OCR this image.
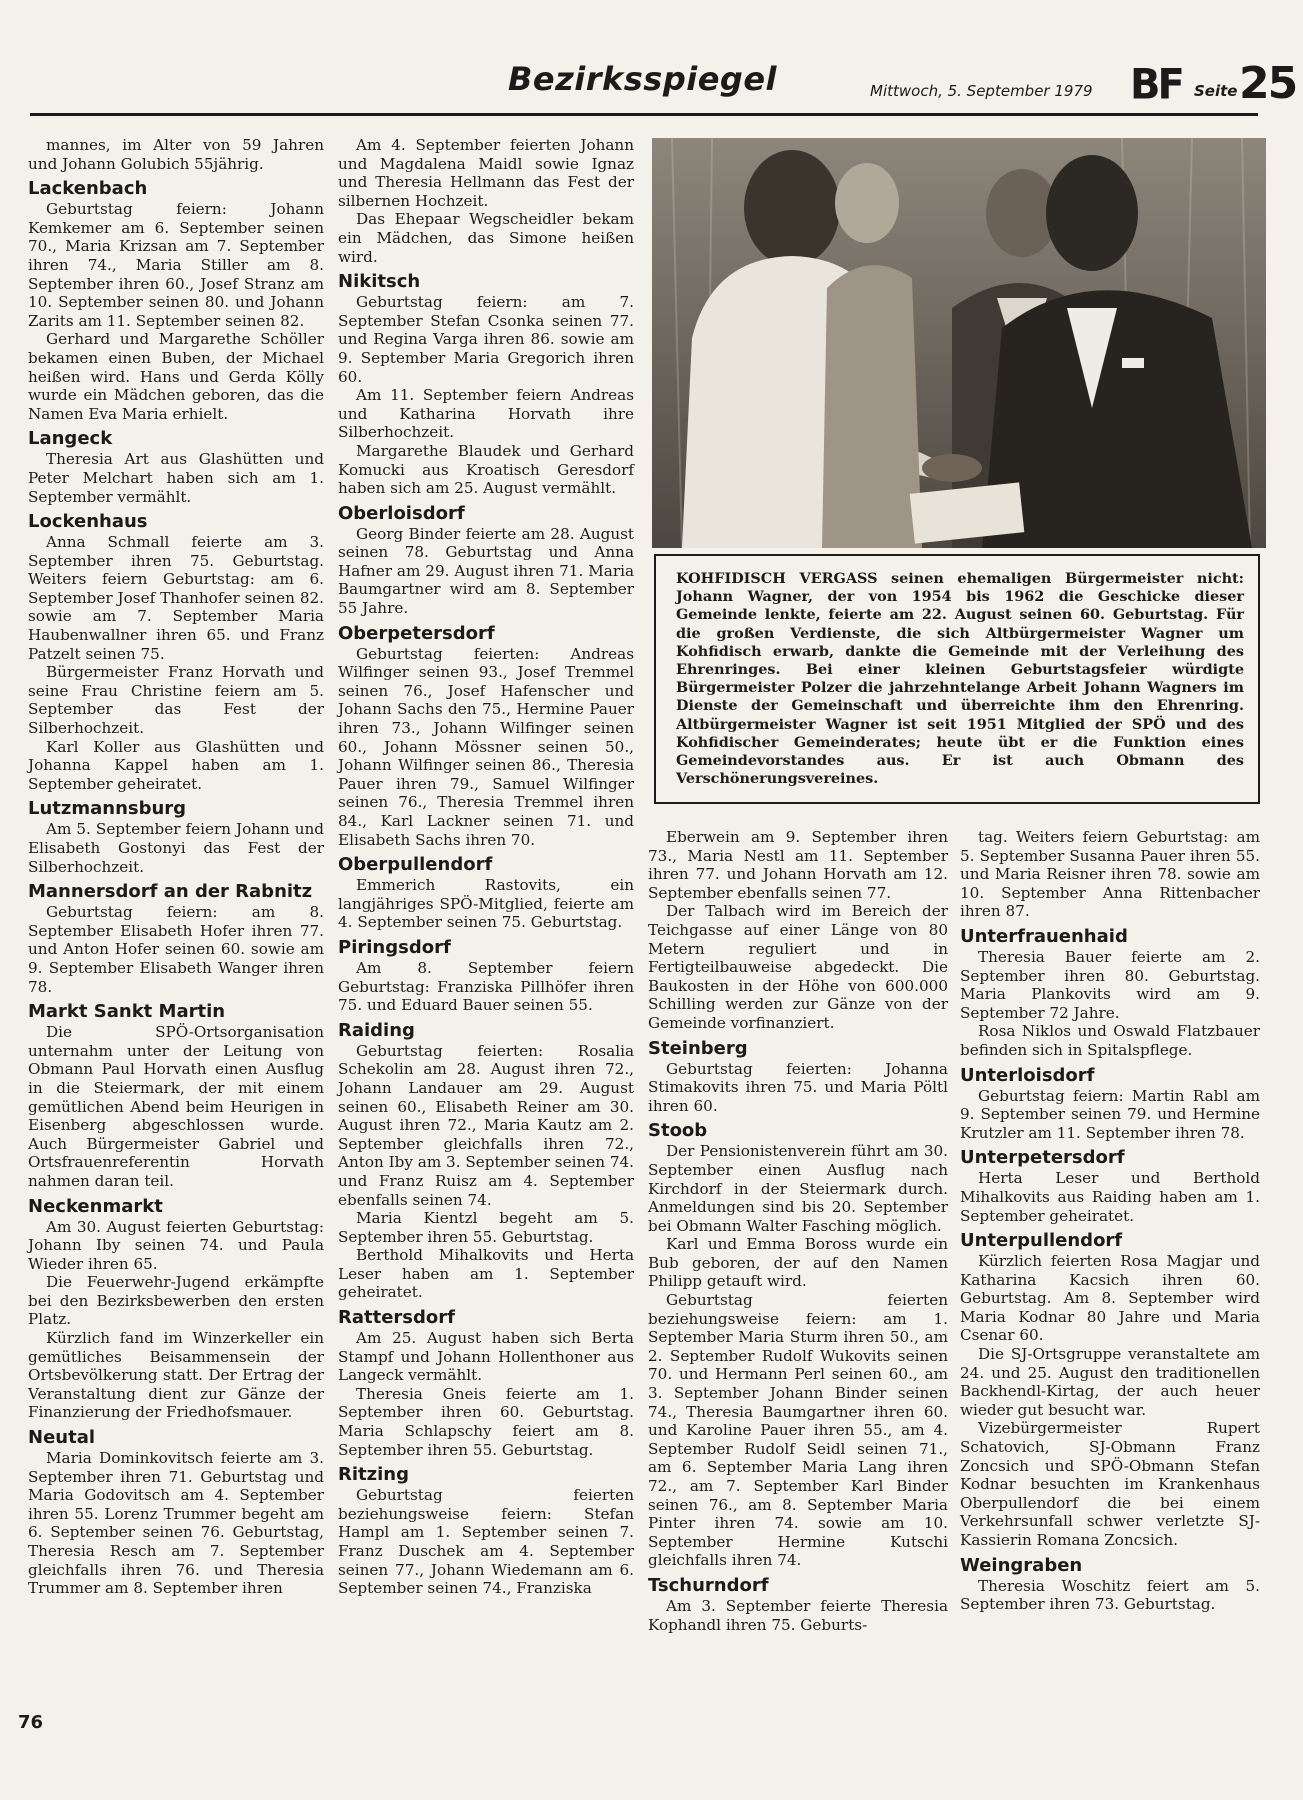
Bezirksspiegel	Mittwoch, 5. September 1979 BF Seite 25
mannes, im Alter von 59 Jahren und Johann Golubich 55jährig.
Lackenbach
Geburtstag feiern: Johann Kemkemer am 6. September seinen 70., Maria Krizsan am 7. September ihren 74., Maria Stiller am 8. September ihren 60., Josef Stranz am 10. September seinen 80. und Johann Zarits am 11. September seinen 82.
Gerhard und Margarethe Schöller bekamen einen Buben, der Michael heißen wird. Hans und Gerda Kölly wurde ein Mädchen geboren, das die Namen Eva Maria erhielt.
Langeck
Theresia Art aus Glashütten und Peter Melchart haben sich am 1. September vermählt.
Lockenhaus
Anna Schmall feierte am 3. September ihren 75. Geburtstag. Weiters feiern Geburtstag: am 6. September Josef Thanhofer seinen 82. sowie am 7. September Maria Haubenwallner ihren 65. und Franz Patzelt seinen 75.
Bürgermeister Franz Horvath und seine Frau Christine feiern am 5. September das Fest der Silberhochzeit.
Karl Koller aus Glashütten und Johanna Kappel haben am 1. September geheiratet.
Lutzmannsburg
Am 5. September feiern Johann und Elisabeth Gostonyi das Fest der Silberhochzeit.
Mannersdorf an der Rabnitz
Geburtstag feiern: am 8. September Elisabeth Hofer ihren 77. und Anton Hofer seinen 60. sowie am 9. September Elisabeth Wanger ihren 78.
Markt Sankt Martin
Die SPÖ-Ortsorganisation unternahm unter der Leitung von Obmann Paul Horvath einen Ausflug in die Steiermark, der mit einem gemütlichen Abend beim Heurigen in Eisenberg abgeschlossen wurde. Auch Bürgermeister Gabriel und Ortsfrauenreferentin Horvath nahmen daran teil.
Neckenmarkt
Am 30. August feierten Geburtstag: Johann Iby seinen 74. und Paula Wieder ihren 65.
Die Feuerwehr-Jugend erkämpfte bei den Bezirksbewerben den ersten Platz.
Kürzlich fand im Winzerkeller ein gemütliches Beisammensein der Ortsbevölkerung statt. Der Ertrag der Veranstaltung dient zur Gänze der Finanzierung der Friedhofsmauer.
Neutal
Maria Dominkovitsch feierte am 3. September ihren 71. Geburtstag und Maria Godovitsch am 4. September ihren 55. Lorenz Trummer begeht am 6. September seinen 76. Geburtstag, Theresia Resch am 7. September gleichfalls ihren 76. und Theresia Trummer am 8. September ihren
Am 4. September feierten Johann und Magdalena Maidl sowie Ignaz und Theresia Hellmann das Fest der silbernen Hochzeit.
Das Ehepaar Wegscheidler bekam ein Mädchen, das Simone heißen wird.
Nikitsch
Geburtstag feiern: am 7. September Stefan Csonka seinen 77. und Regina Varga ihren 86. sowie am 9. September Maria Gregorich ihren 60.
Am 11. September feiern Andreas und Katharina Horvath ihre Silberhochzeit.
Margarethe Blaudek und Gerhard Komucki aus Kroatisch Geresdorf haben sich am 25. August vermählt.
Oberloisdorf
Georg Binder feierte am 28. August seinen 78. Geburtstag und Anna Hafner am 29. August ihren 71. Maria Baumgartner wird am 8. September 55 Jahre.
Oberpetersdorf
Geburtstag feierten: Andreas Wilfinger seinen 93., Josef Tremmel seinen 76., Josef Hafenscher und Johann Sachs den 75., Hermine Pauer ihren 73., Johann Wilfinger seinen 60., Johann Mössner seinen 50., Johann Wilfinger seinen 86., Theresia Pauer ihren 79., Samuel Wilfinger seinen 76., Theresia Tremmel ihren 84., Karl Lackner seinen 71. und Elisabeth Sachs ihren 70.
Oberpullendorf
Emmerich Rastovits, ein langjähriges SPÖ-Mitglied, feierte am 4. September seinen 75. Geburtstag.
Piringsdorf
Am 8. September feiern Geburtstag: Franziska Pillhöfer ihren 75. und Eduard Bauer seinen 55.
Raiding
Geburtstag feierten: Rosalia Schekolin am 28. August ihren 72., Johann Landauer am 29. August seinen 60., Elisabeth Reiner am 30. August ihren 72., Maria Kautz am 2. September gleichfalls ihren 72., Anton Iby am 3. September seinen 74. und Franz Ruisz am 4. September ebenfalls seinen 74.
Maria Kientzl begeht am 5. September ihren 55. Geburtstag.
Berthold Mihalkovits und Herta Leser haben am 1. September geheiratet.
Rattersdorf
Am 25. August haben sich Berta Stampf und Johann Hollenthoner aus Langeck vermählt.
Theresia Gneis feierte am 1. September ihren 60. Geburtstag. Maria Schlapschy feiert am 8. September ihren 55. Geburtstag.
Ritzing
Geburtstag feierten beziehungsweise feiern: Stefan Hampl am 1. September seinen 7. Franz Duschek am 4. September seinen 77., Johann Wiedemann am 6. September seinen 74., Franziska
KOHFIDISCH VERGASS seinen ehemaligen Bürgermeister nicht: Johann Wagner, der von 1954 bis 1962 die Geschicke dieser Gemeinde lenkte, feierte am 22. August seinen 60. Geburtstag. Für die großen Verdienste, die sich Altbürgermeister Wagner um Kohfidisch erwarb, dankte die Gemeinde mit der Verleihung des Ehrenringes. Bei einer kleinen Geburtstagsfeier würdigte Bürgermeister Polzer die jahrzehntelange Arbeit Johann Wagners im Dienste der Gemeinschaft und überreichte ihm den Ehrenring. Altbürgermeister Wagner ist seit 1951 Mitglied der SPÖ und des Kohfidischer Gemeinderates; heute übt er die Funktion eines Gemeindevorstandes aus. Er ist auch Obmann des Verschönerungsvereines.
Eberwein am 9. September ihren 73., Maria Nestl am 11. September ihren 77. und Johann Horvath am 12. September ebenfalls seinen 77.
Der Talbach wird im Bereich der Teichgasse auf einer Länge von 80 Metern reguliert und in Fertigteilbauweise abgedeckt. Die Baukosten in der Höhe von 600.000 Schilling werden zur Gänze von der Gemeinde vorfinanziert.
Steinberg
Geburtstag feierten: Johanna Stimakovits ihren 75. und Maria Pöltl ihren 60.
Stoob
Der Pensionistenverein führt am 30. September einen Ausflug nach Kirchdorf in der Steiermark durch. Anmeldungen sind bis 20. September bei Obmann Walter Fasching möglich.
Karl und Emma Boross wurde ein Bub geboren, der auf den Namen Philipp getauft wird.
Geburtstag feierten beziehungsweise feiern: am 1. September Maria Sturm ihren 50., am 2. September Rudolf Wukovits seinen 70. und Hermann Perl seinen 60., am 3. September Johann Binder seinen 74., Theresia Baumgartner ihren 60. und Karoline Pauer ihren 55., am 4. September Rudolf Seidl seinen 71., am 6. September Maria Lang ihren 72., am 7. September Karl Binder seinen 76., am 8. September Maria Pinter ihren 74. sowie am 10. September Hermine Kutschi gleichfalls ihren 74.
Tschurndorf
Am 3. September feierte Theresia Kophandl ihren 75. Geburts-
tag. Weiters feiern Geburtstag: am 5. September Susanna Pauer ihren 55. und Maria Reisner ihren 78. sowie am 10. September Anna Rittenbacher ihren 87.
Unterfrauenhaid
Theresia Bauer feierte am 2. September ihren 80. Geburtstag. Maria Plankovits wird am 9. September 72 Jahre.
Rosa Niklos und Oswald Flatzbauer befinden sich in Spitalspflege.
Unterloisdorf
Geburtstag feiern: Martin Rabl am 9. September seinen 79. und Hermine Krutzler am 11. September ihren 78.
Unterpetersdorf
Herta Leser und Berthold Mihalkovits aus Raiding haben am 1. September geheiratet.
Unterpullendorf
Kürzlich feierten Rosa Magjar und Katharina Kacsich ihren 60. Geburtstag. Am 8. September wird Maria Kodnar 80 Jahre und Maria Csenar 60.
Die SJ-Ortsgruppe veranstaltete am 24. und 25. August den traditionellen Backhendl-Kirtag, der auch heuer wieder gut besucht war.
Vizebürgermeister Rupert Schatovich, SJ-Obmann Franz Zoncsich und SPÖ-Obmann Stefan Kodnar besuchten im Krankenhaus Oberpullendorf die bei einem Verkehrsunfall schwer verletzte SJ-Kassierin Romana Zoncsich.
Weingraben
Theresia Woschitz feiert am 5. September ihren 73. Geburtstag.
76
